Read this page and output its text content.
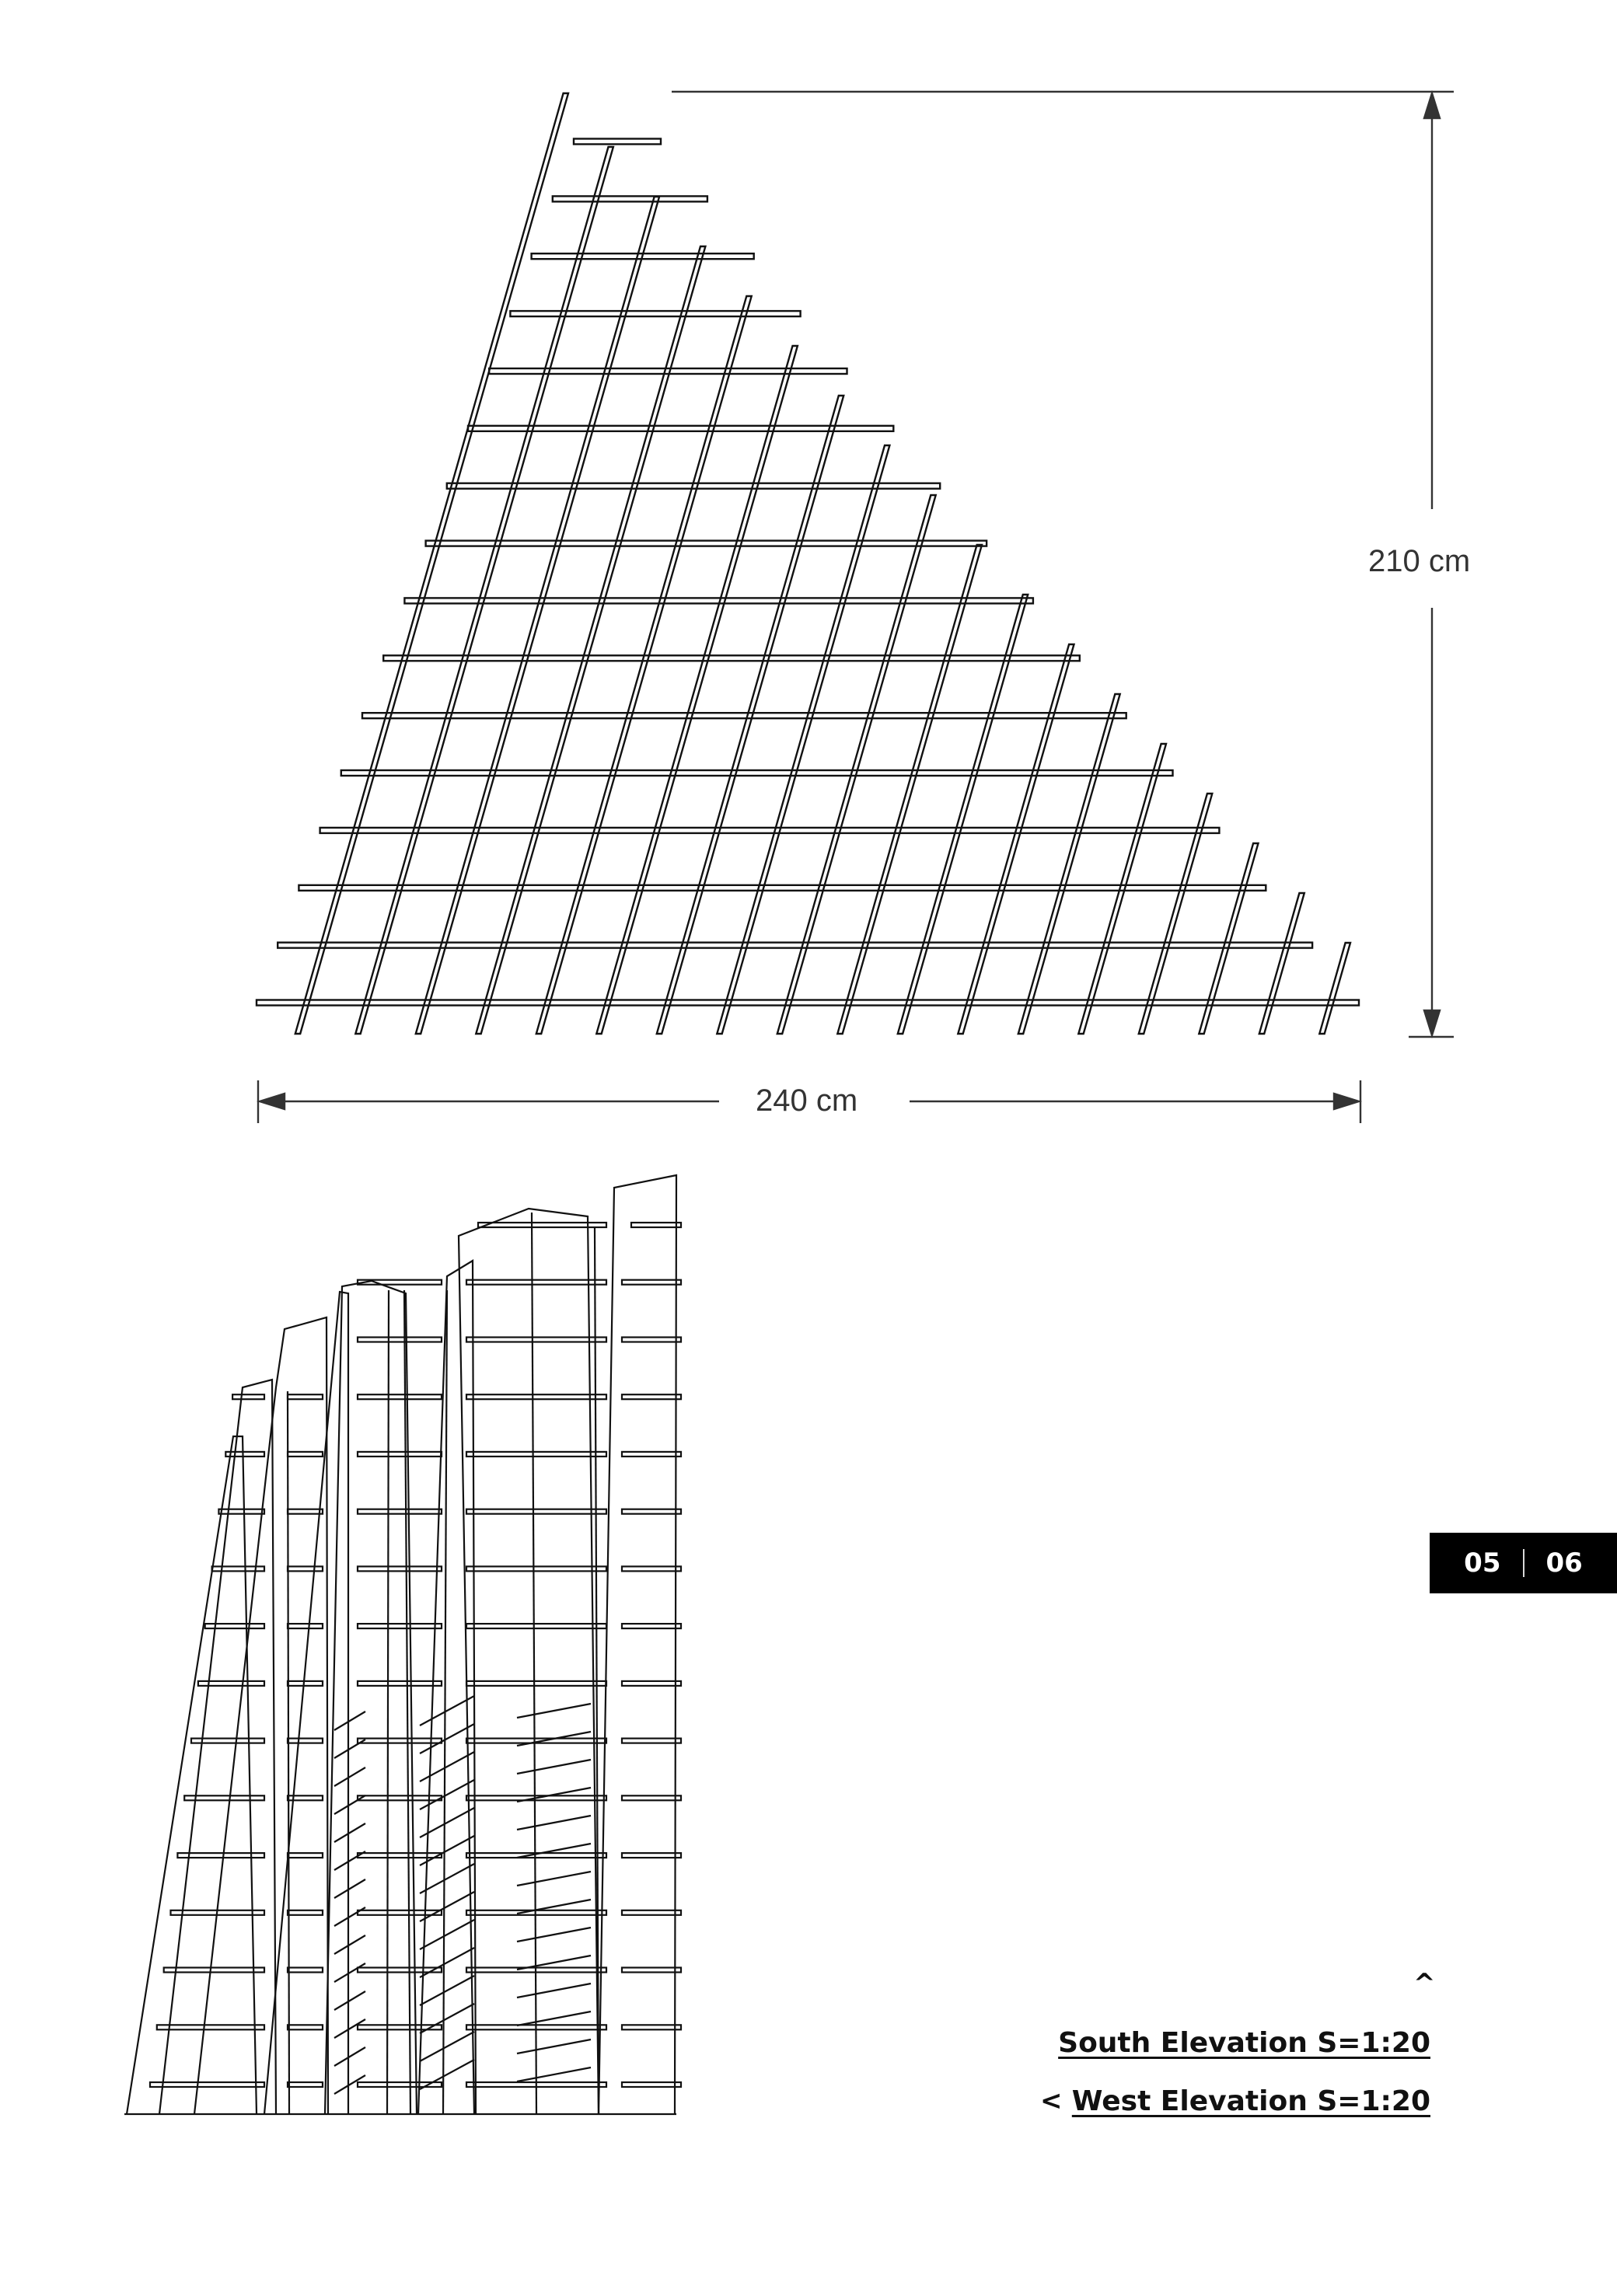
210 cm
240 cm
05 06
^
South Elevation S=1:20
< West Elevation S=1:20
